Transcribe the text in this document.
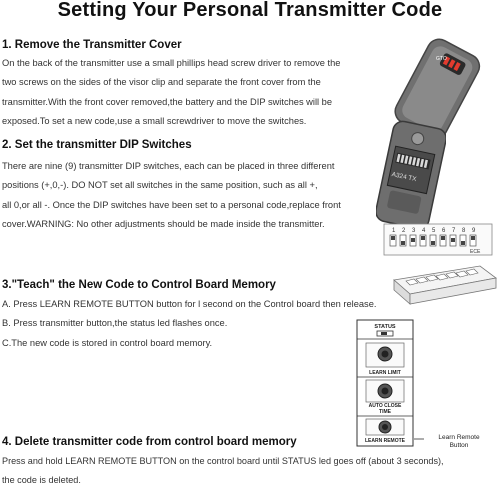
Setting Your Personal Transmitter Code
1. Remove the Transmitter Cover
On the back of the transmitter use a small phillips head screw driver to remove the
two screws on the sides of the visor clip and separate the front cover from the
transmitter.With the front cover removed,the battery and the DIP switches will be
exposed.To set a new code,use a small screwdriver to move the switches.
2. Set the transmitter DIP Switches
There are nine (9) transmitter DIP switches, each can be placed in three different
positions (+,0,-). DO NOT set all switches in the same position, such as all +,
all 0,or all -. Once the DIP switches have been set to a personal code,replace front
cover.WARNING: No other adjustments should be made inside the transmitter.
3."Teach" the New Code to Control Board Memory
A. Press LEARN REMOTE BUTTON button for l second on the Control board then release.
B. Press transmitter button,the status led flashes once.
C.The new code is stored in control board memory.
4. Delete transmitter code from control board memory
Press and hold LEARN REMOTE BUTTON on the control board until STATUS led goes off (about 3 seconds),
the code is deleted.
GTO
A324 TX
1 2 3 4 5 6 7 8 9
ECE
STATUS
LEARN LIMIT
AUTO CLOSE
TIME
LEARN REMOTE	Learn Remote
Button
